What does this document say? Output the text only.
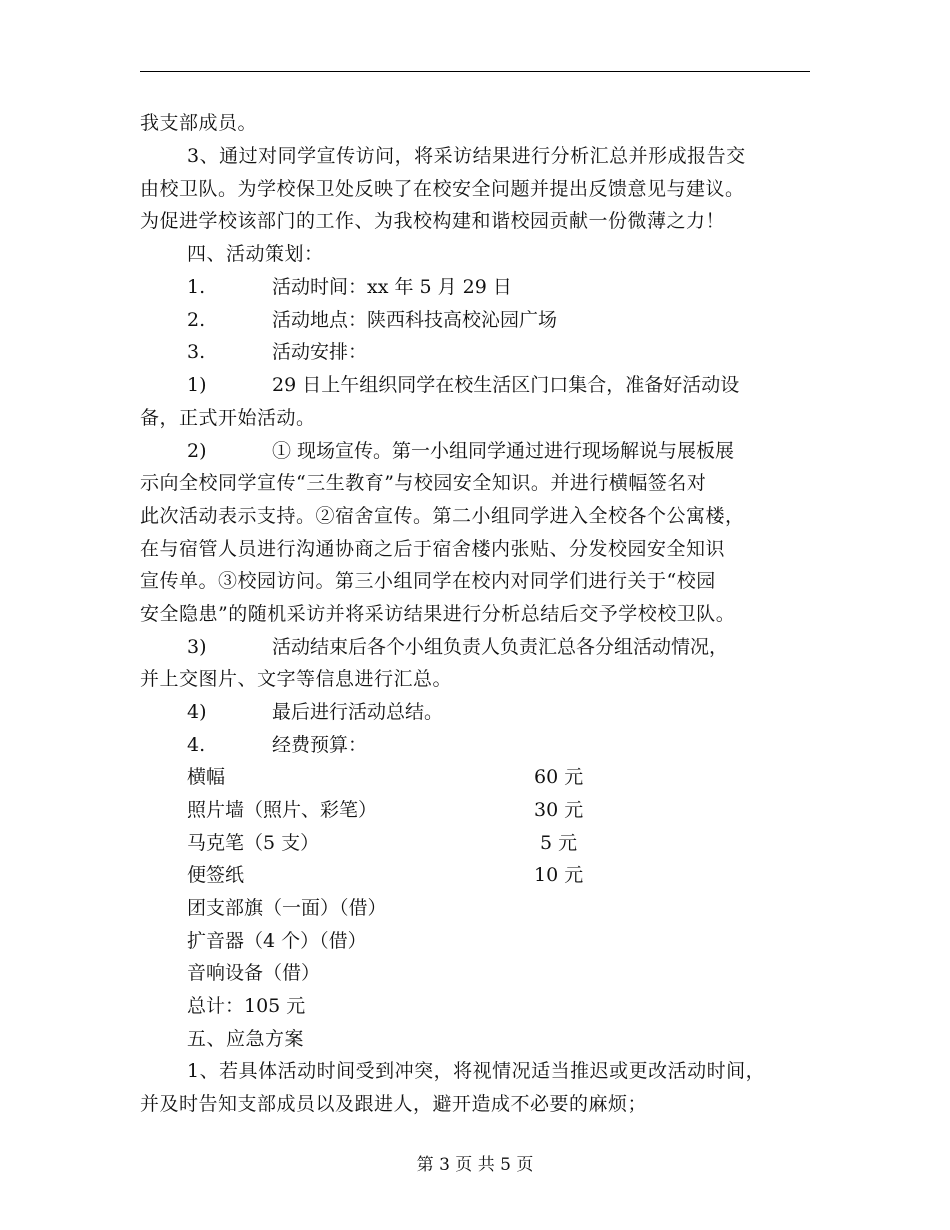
我支部成员。
3、通过对同学宣传访问，将采访结果进行分析汇总并形成报告交
由校卫队。为学校保卫处反映了在校安全问题并提出反馈意见与建议。
为促进学校该部门的工作、为我校构建和谐校园贡献一份微薄之力！
四、活动策划：
1.	活动时间：xx 年 5 月 29 日
2.	活动地点：陕西科技高校沁园广场
3.	活动安排：
1)	29 日上午组织同学在校生活区门口集合，准备好活动设
备，正式开始活动。
2)	① 现场宣传。第一小组同学通过进行现场解说与展板展
示向全校同学宣传“三生教育”与校园安全知识。并进行横幅签名对
此次活动表示支持。②宿舍宣传。第二小组同学进入全校各个公寓楼，
在与宿管人员进行沟通协商之后于宿舍楼内张贴、分发校园安全知识
宣传单。③校园访问。第三小组同学在校内对同学们进行关于“校园
安全隐患”的随机采访并将采访结果进行分析总结后交予学校校卫队。
3)	活动结束后各个小组负责人负责汇总各分组活动情况，
并上交图片、文字等信息进行汇总。
4)	最后进行活动总结。
4.	经费预算：
横幅	60 元
照片墙（照片、彩笔）	30 元
马克笔（5 支）	5 元
便签纸	10 元
团支部旗（一面）（借）
扩音器（4 个）（借）
音响设备（借）
总计：105 元
五、应急方案
1、若具体活动时间受到冲突，将视情况适当推迟或更改活动时间，
并及时告知支部成员以及跟进人，避开造成不必要的麻烦；
第 3 页 共 5 页
